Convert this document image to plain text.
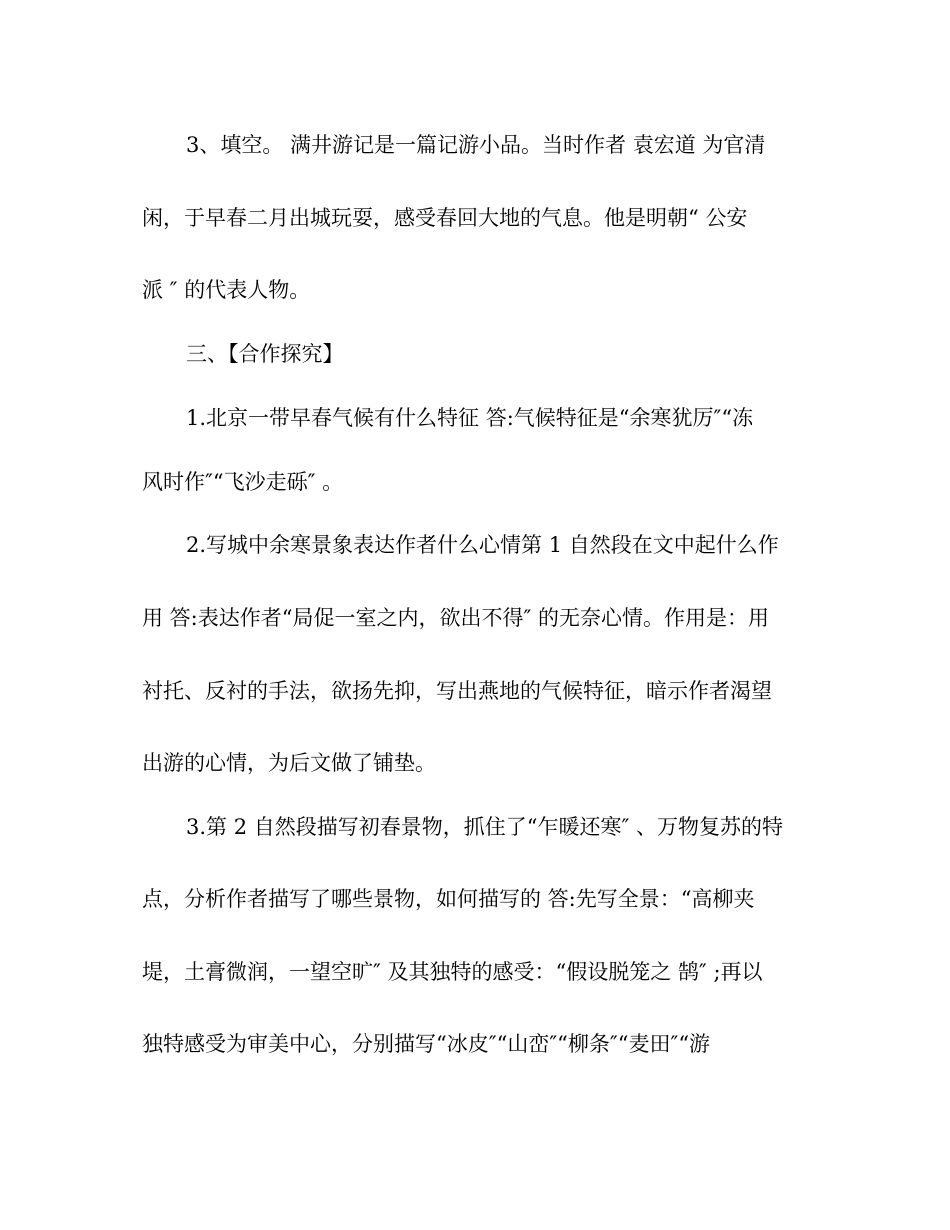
3、填空。 满井游记是一篇记游小品。当时作者 袁宏道 为官清
闲，于早春二月出城玩耍，感受春回大地的气息。他是明朝“ 公安
派 ″ 的代表人物。
三、【合作探究】
1.北京一带早春气候有什么特征 答:气候特征是“余寒犹厉″“冻
风时作″“飞沙走砾″ 。
2.写城中余寒景象表达作者什么心情第 1 自然段在文中起什么作
用 答:表达作者“局促一室之内，欲出不得″ 的无奈心情。作用是：用
衬托、反衬的手法，欲扬先抑，写出燕地的气候特征，暗示作者渴望
出游的心情，为后文做了铺垫。
3.第 2 自然段描写初春景物，抓住了“乍暖还寒″ 、万物复苏的特
点，分析作者描写了哪些景物，如何描写的 答:先写全景：“高柳夹
堤，土膏微润，一望空旷″ 及其独特的感受：“假设脱笼之 鹄″ ;再以
独特感受为审美中心，分别描写“冰皮″“山峦″“柳条″“麦田″“游
